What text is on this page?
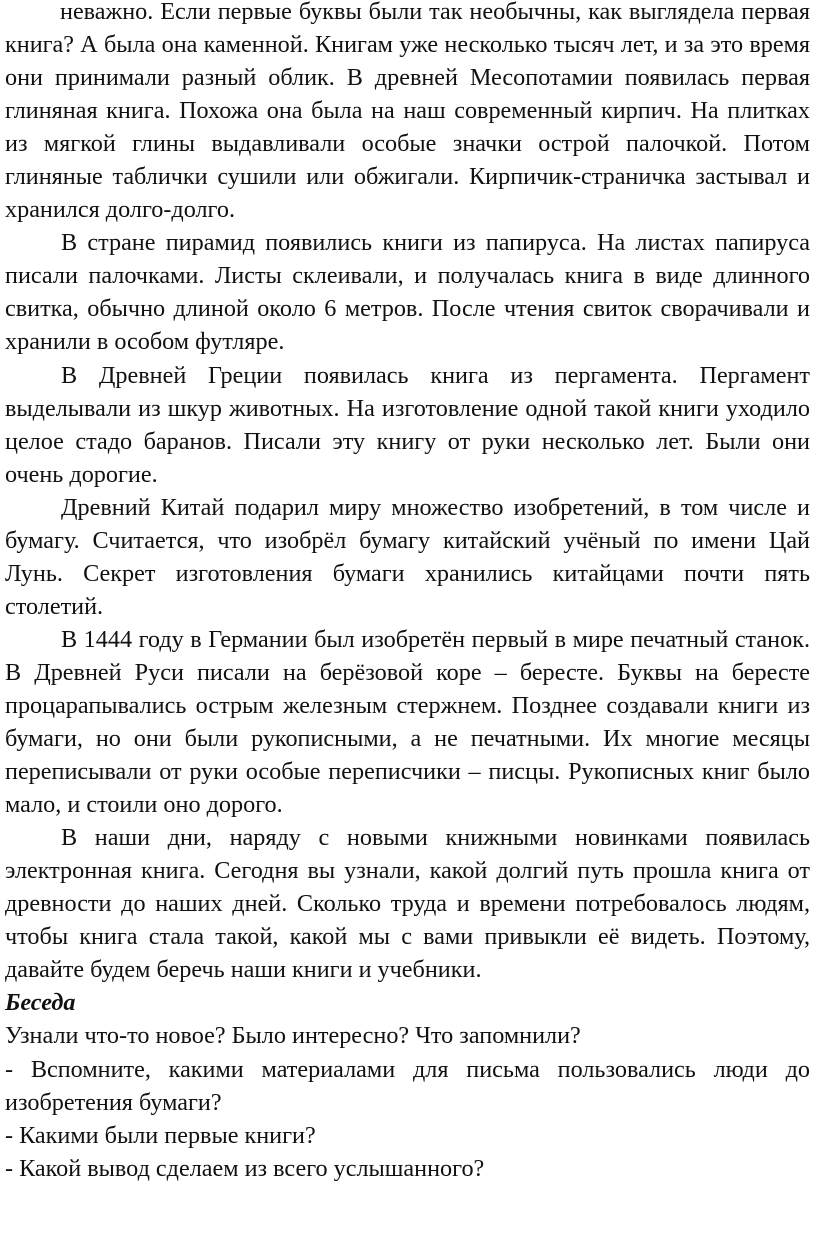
неважно. Если первые буквы были так необычны, как выглядела первая книга? А была она каменной. Книгам уже несколько тысяч лет, и за это время они принимали разный облик. В древней Месопотамии появилась первая глиняная книга. Похожа она была на наш современный кирпич. На плитках из мягкой глины выдавливали особые значки острой палочкой. Потом глиняные таблички сушили или обжигали. Кирпичик-страничка застывал и хранился долго-долго.

В стране пирамид появились книги из папируса. На листах папируса писали палочками. Листы склеивали, и получалась книга в виде длинного свитка, обычно длиной около 6 метров. После чтения свиток сворачивали и хранили в особом футляре.

В Древней Греции появилась книга из пергамента. Пергамент выделывали из шкур животных. На изготовление одной такой книги уходило целое стадо баранов. Писали эту книгу от руки несколько лет. Были они очень дорогие.

Древний Китай подарил миру множество изобретений, в том числе и бумагу. Считается, что изобрёл бумагу китайский учёный по имени Цай Лунь. Секрет изготовления бумаги хранились китайцами почти пять столетий.

В 1444 году в Германии был изобретён первый в мире печатный станок. В Древней Руси писали на берёзовой коре – бересте. Буквы на бересте процарапывались острым железным стержнем. Позднее создавали книги из бумаги, но они были рукописными, а не печатными. Их многие месяцы переписывали от руки особые переписчики – писцы. Рукописных книг было мало, и стоили оно дорого.

В наши дни, наряду с новыми книжными новинками появилась электронная книга. Сегодня вы узнали, какой долгий путь прошла книга от древности до наших дней. Сколько труда и времени потребовалось людям, чтобы книга стала такой, какой мы с вами привыкли её видеть. Поэтому, давайте будем беречь наши книги и учебники.

Беседа

Узнали что-то новое? Было интересно? Что запомнили?

- Вспомните, какими материалами для письма пользовались люди до изобретения бумаги?

- Какими были первые книги?

- Какой вывод сделаем из всего услышанного?
